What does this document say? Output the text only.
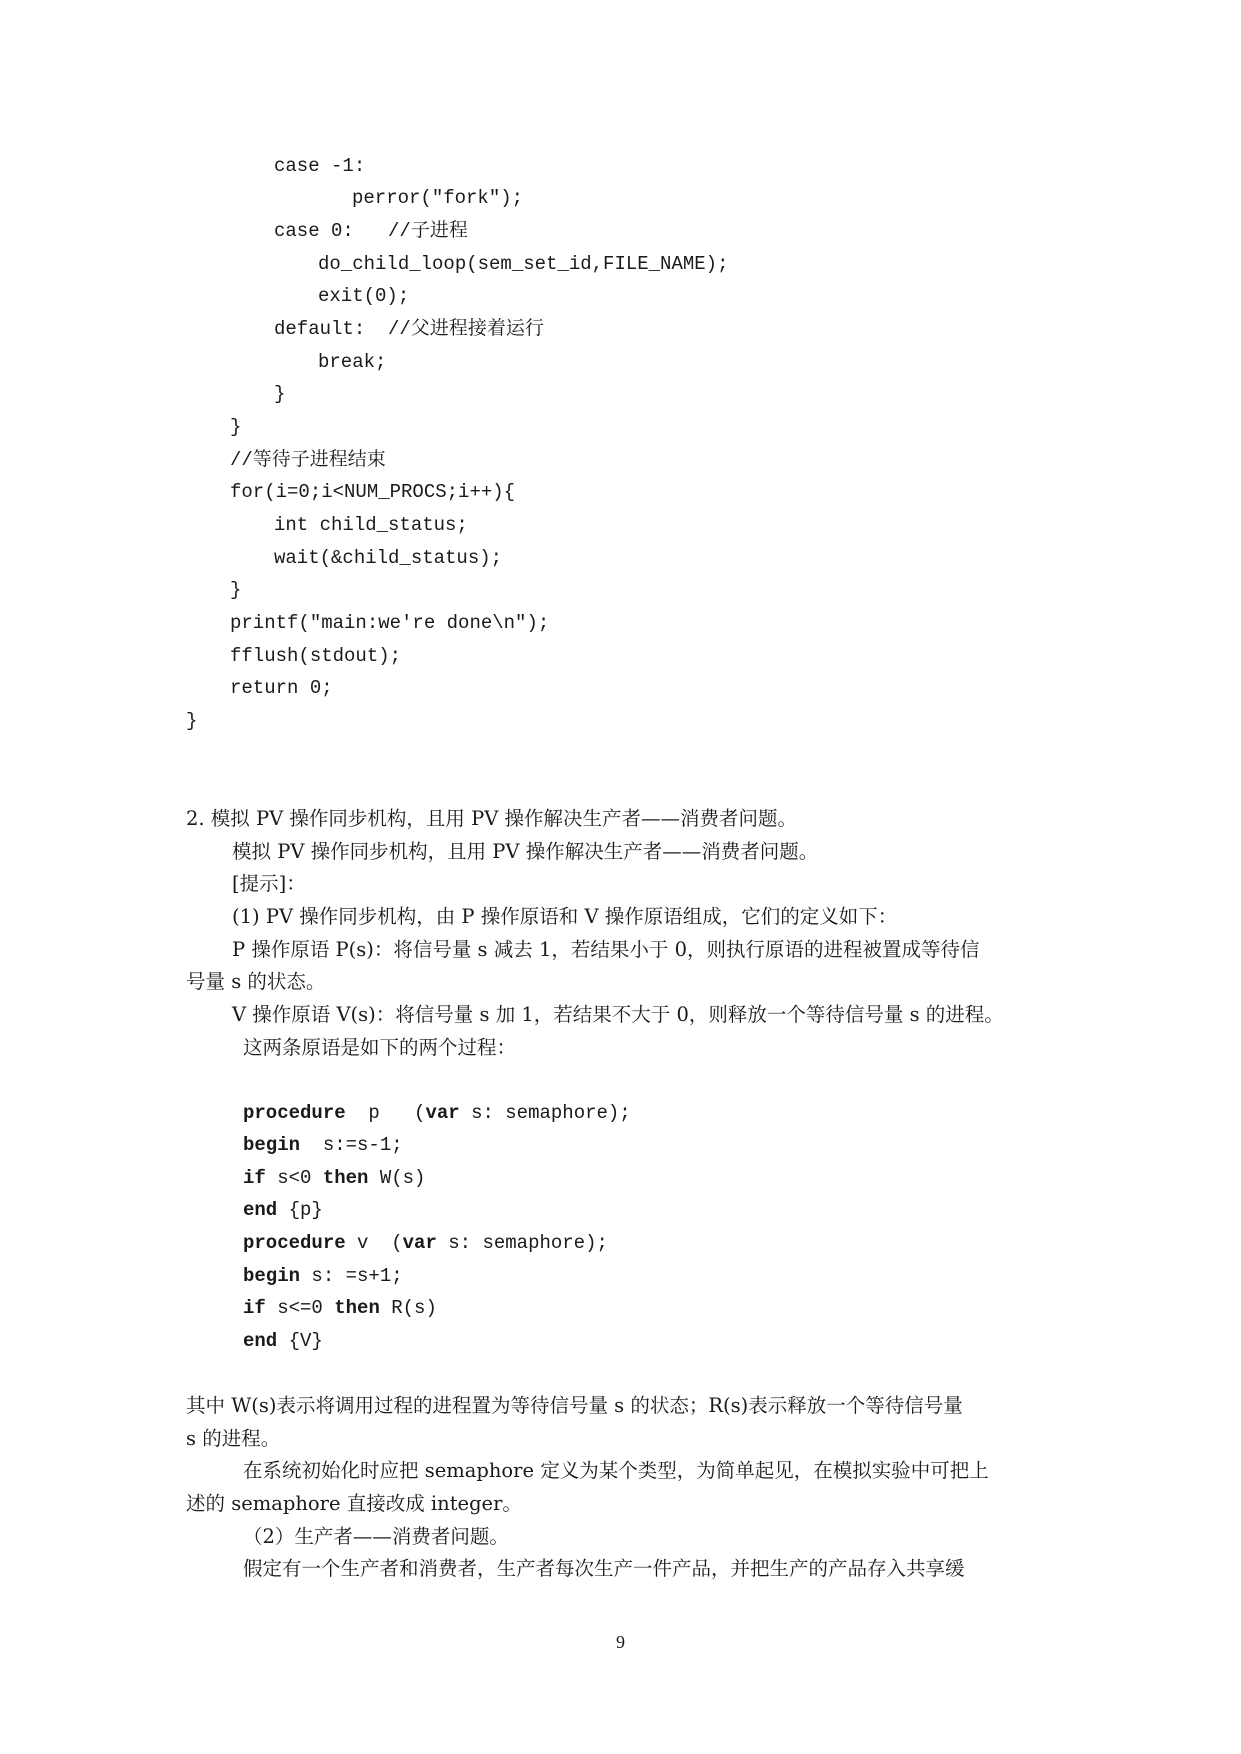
case -1:
perror("fork");
case 0:   //子进程
do_child_loop(sem_set_id,FILE_NAME);
exit(0);
default:  //父进程接着运行
break;
}
}
//等待子进程结束
for(i=0;i<NUM_PROCS;i++){
int child_status;
wait(&child_status);
}
printf("main:we're done\n");
fflush(stdout);
return 0;
}
2. 模拟 PV 操作同步机构，且用 PV 操作解决生产者——消费者问题。
模拟 PV 操作同步机构，且用 PV 操作解决生产者——消费者问题。
[提示]：
(1) PV 操作同步机构，由 P 操作原语和 V 操作原语组成，它们的定义如下：
P 操作原语 P(s)：将信号量 s 减去 1，若结果小于 0，则执行原语的进程被置成等待信
号量 s 的状态。
V 操作原语 V(s)：将信号量 s 加 1，若结果不大于 0，则释放一个等待信号量 s 的进程。
这两条原语是如下的两个过程：
procedure  p   (var s: semaphore);
begin  s:=s-1;
if s<0 then W(s)
end {p}
procedure v  (var s: semaphore);
begin s: =s+1;
if s<=0 then R(s)
end {V}
其中 W(s)表示将调用过程的进程置为等待信号量 s 的状态；R(s)表示释放一个等待信号量
s 的进程。
在系统初始化时应把 semaphore 定义为某个类型，为简单起见，在模拟实验中可把上
述的 semaphore 直接改成 integer。
（2）生产者——消费者问题。
假定有一个生产者和消费者，生产者每次生产一件产品，并把生产的产品存入共享缓
9
